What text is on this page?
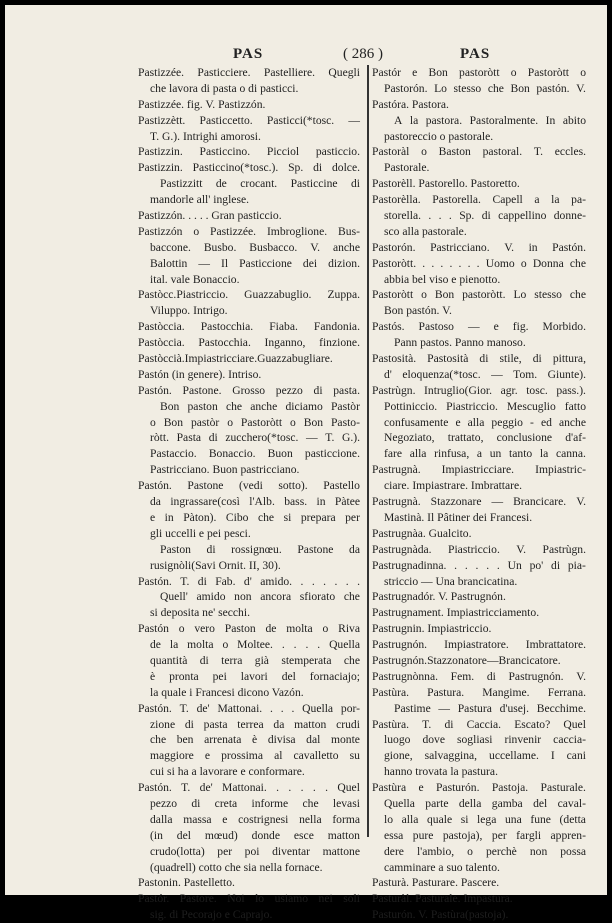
PAS	( 286 )	PAS
Pastizzée. Pasticciere. Pastelliere. Quegli
che lavora di pasta o di pasticci.
Pastizzée. fig. V. Pastizzón.
Pastizzètt. Pasticcetto. Pasticci(*tosc. —
T. G.). Intrighi amorosi.
Pastizzin. Pasticcino. Picciol pasticcio.
Pastizzin. Pasticcino(*tosc.). Sp. di dolce.
Pastizzitt de crocant. Pasticcine di
mandorle all' inglese.
Pastizzón. . . . . Gran pasticcio.
Pastizzón o Pastizzée. Imbroglione. Bus-
baccone. Busbo. Busbacco. V. anche
Balottin — Il Pasticcione dei dizion.
ital. vale Bonaccio.
Pastòcc.Piastriccio. Guazzabuglio. Zuppa.
Viluppo. Intrigo.
Pastòccia. Pastocchia. Fiaba. Fandonia.
Pastòccia. Pastocchia. Inganno, finzione.
Pastòccià.Impiastricciare.Guazzabugliare.
Pastón (in genere). Intriso.
Pastón. Pastone. Grosso pezzo di pasta.
Bon paston che anche diciamo Pastòr
o Bon pastòr o Pastoròtt o Bon Pasto-
ròtt. Pasta di zucchero(*tosc. — T. G.).
Pastaccio. Bonaccio. Buon pasticcione.
Pastricciano. Buon pastricciano.
Pastón. Pastone (vedi sotto). Pastello
da ingrassare(così l'Alb. bass. in Pàtee
e in Pàton). Cibo che si prepara per
gli uccelli e pei pesci.
Paston di rossignœu. Pastone da
rusignòli(Savi Ornit. II, 30).
Pastón. T. di Fab. d' amido. . . . . . .
Quell' amido non ancora sfiorato che
si deposita ne' secchi.
Pastón o vero Paston de molta o Riva
de la molta o Moltee. . . . . Quella
quantità di terra già stemperata che
è pronta pei lavori del fornaciajo;
la quale i Francesi dicono Vazón.
Pastón. T. de' Mattonai. . . . Quella por-
zione di pasta terrea da matton crudi
che ben arrenata è divisa dal monte
maggiore e prossima al cavalletto su
cui si ha a lavorare e conformare.
Pastón. T. de' Mattonai. . . . . . Quel
pezzo di creta informe che levasi
dalla massa e costrignesi nella forma
(in del mœud) donde esce matton
crudo(lotta) per poi diventar mattone
(quadrell) cotto che sia nella fornace.
Pastonin. Pastelletto.
Pastór. Pastore. Noi lo usiamo nei soli
sig. di Pecorajo e Caprajo.
Pastór e Bon pastoròtt o Pastoròtt o
Pastorón. Lo stesso che Bon pastón. V.
Pastóra. Pastora.
A la pastora. Pastoralmente. In abito
pastoreccio o pastorale.
Pastoràl o Baston pastoral. T. eccles.
Pastorale.
Pastorèll. Pastorello. Pastoretto.
Pastorèlla. Pastorella. Capell a la pa-
storella. . . . Sp. di cappellino donne-
sco alla pastorale.
Pastorón. Pastricciano. V. in Pastón.
Pastoròtt. . . . . . . . Uomo o Donna che
abbia bel viso e pienotto.
Pastoròtt o Bon pastoròtt. Lo stesso che
Bon pastón. V.
Pastós. Pastoso — e fig. Morbido.
Pann pastos. Panno manoso.
Pastosità. Pastosità di stile, di pittura,
d' eloquenza(*tosc. — Tom. Giunte).
Pastrùgn. Intruglio(Gior. agr. tosc. pass.).
Pottiniccio. Piastriccio. Mescuglio fatto
confusamente e alla peggio - ed anche
Negoziato, trattato, conclusione d'af-
fare alla rinfusa, a un tanto la canna.
Pastrugnà. Impiastricciare. Impiastric-
ciare. Impiastrare. Imbrattare.
Pastrugnà. Stazzonare — Brancicare. V.
Mastinà. Il Pâtiner dei Francesi.
Pastrugnàa. Gualcito.
Pastrugnàda. Piastriccio. V. Pastrùgn.
Pastrugnadinna. . . . . . Un po' di pia-
striccio — Una brancicatina.
Pastrugnadór. V. Pastrugnón.
Pastrugnament. Impiastricciamento.
Pastrugnin. Impiastriccio.
Pastrugnón. Impiastratore. Imbrattatore.
Pastrugnón.Stazzonatore—Brancicatore.
Pastrugnònna. Fem. di Pastrugnón. V.
Pastùra. Pastura. Mangime. Ferrana.
Pastime — Pastura d'usej. Becchime.
Pastùra. T. di Caccia. Escato? Quel
luogo dove sogliasi rinvenir caccia-
gione, salvaggina, uccellame. I cani
hanno trovata la pastura.
Pastùra e Pasturón. Pastoja. Pasturale.
Quella parte della gamba del caval-
lo alla quale si lega una fune (detta
essa pure pastoja), per fargli appren-
dere l'ambio, o perchè non possa
camminare a suo talento.
Pasturà. Pasturare. Pascere.
Pasturàl. Pasturale. Impastura.
Pasturón. V. Pastùra(pastoja).
